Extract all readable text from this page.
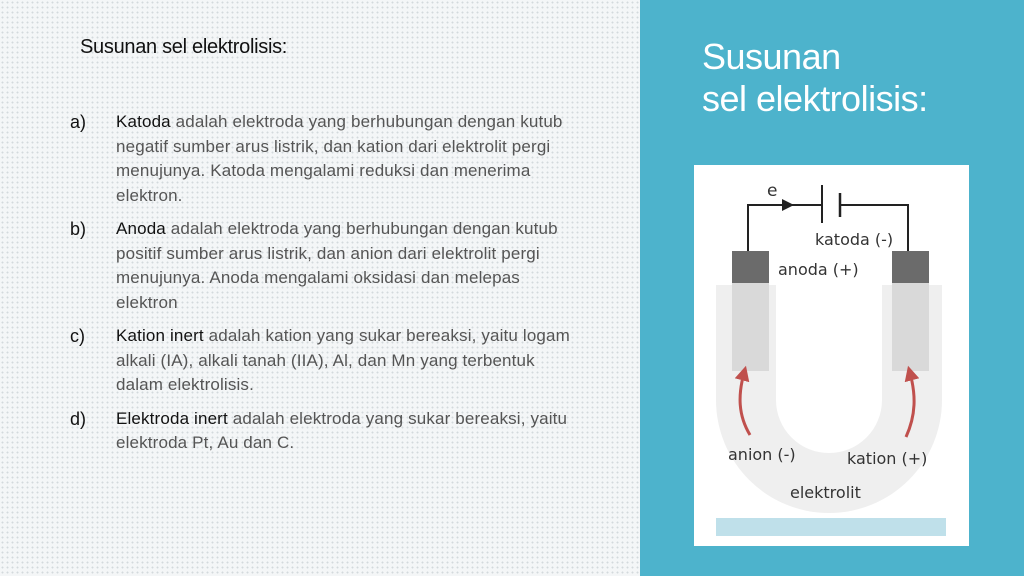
Susunan sel elektrolisis:
a)	Katoda adalah elektroda yang berhubungan dengan kutub negatif sumber arus listrik, dan kation dari elektrolit pergi menujunya. Katoda mengalami reduksi dan menerima elektron.
b)	Anoda adalah elektroda yang berhubungan dengan kutub positif sumber arus listrik, dan anion dari elektrolit pergi menujunya. Anoda mengalami oksidasi dan melepas elektron
c)	Kation inert adalah kation yang sukar bereaksi, yaitu logam alkali (IA), alkali tanah (IIA), Al, dan Mn yang terbentuk dalam elektrolisis.
d)	Elektroda inert adalah elektroda yang sukar bereaksi, yaitu elektroda Pt, Au dan C.
Susunan
sel elektrolisis:
e
katoda (-)
anoda (+)
anion (-)	kation (+)
elektrolit
